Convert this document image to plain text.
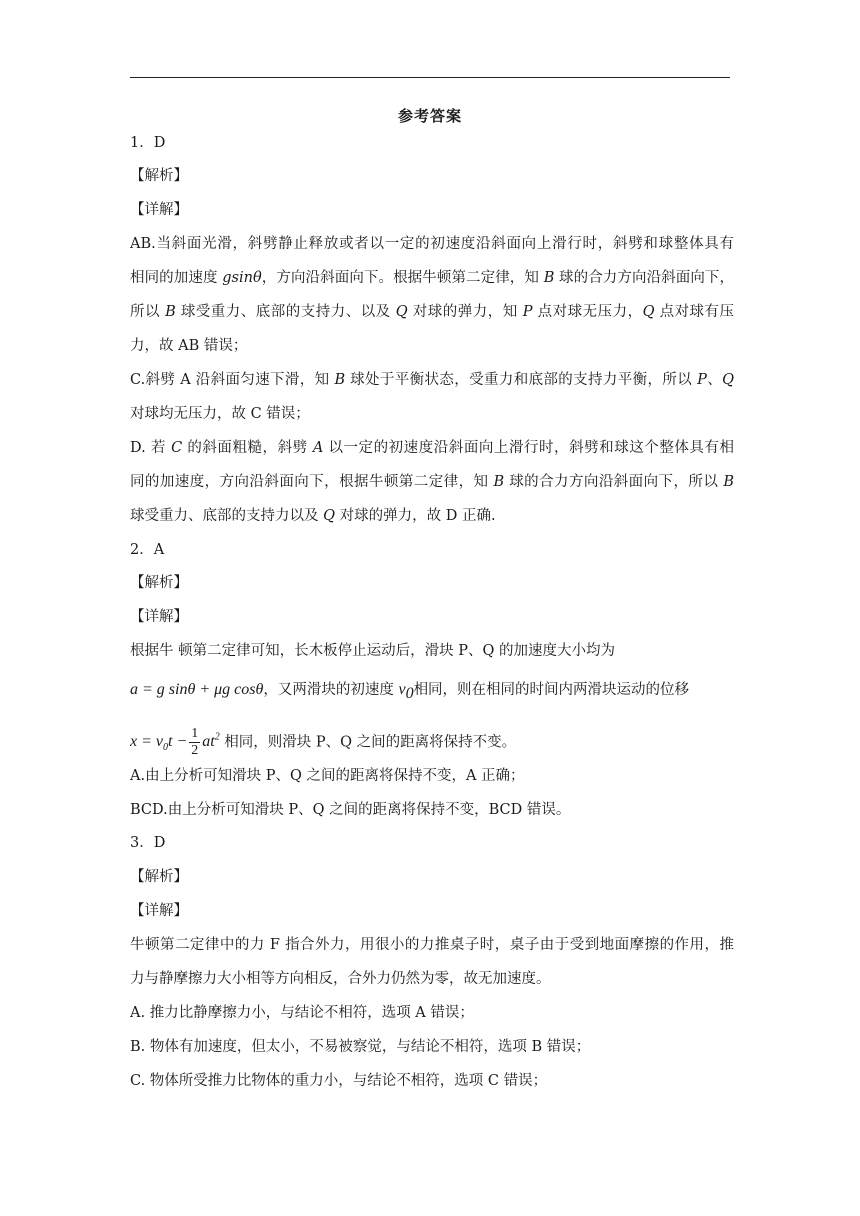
参考答案
1．D
【解析】
【详解】
AB.当斜面光滑，斜劈静止释放或者以一定的初速度沿斜面向上滑行时，斜劈和球整体具有
相同的加速度 gsinθ，方向沿斜面向下。根据牛顿第二定律，知 B 球的合力方向沿斜面向下，
所以 B 球受重力、底部的支持力、以及 Q 对球的弹力，知 P 点对球无压力，Q 点对球有压
力，故 AB 错误；
C.斜劈 A 沿斜面匀速下滑，知 B 球处于平衡状态，受重力和底部的支持力平衡，所以 P、Q
对球均无压力，故 C 错误；
D. 若 C 的斜面粗糙，斜劈 A 以一定的初速度沿斜面向上滑行时，斜劈和球这个整体具有相
同的加速度，方向沿斜面向下，根据牛顿第二定律，知 B 球的合力方向沿斜面向下，所以 B
球受重力、底部的支持力以及 Q 对球的弹力，故 D 正确.
2．A
【解析】
【详解】
根据牛 顿第二定律可知，长木板停止运动后，滑块 P、Q 的加速度大小均为
a = g sinθ + μg cosθ，又两滑块的初速度 $v_0$相同，则在相同的时间内两滑块运动的位移
$x = v_0t - \frac{1}{2} at^2$ 相同，则滑块 P、Q 之间的距离将保持不变。
A.由上分析可知滑块 P、Q 之间的距离将保持不变，A 正确；
BCD.由上分析可知滑块 P、Q 之间的距离将保持不变，BCD 错误。
3．D
【解析】
【详解】
牛顿第二定律中的力 F 指合外力，用很小的力推桌子时，桌子由于受到地面摩擦的作用，推
力与静摩擦力大小相等方向相反，合外力仍然为零，故无加速度。
A. 推力比静摩擦力小，与结论不相符，选项 A 错误；
B. 物体有加速度，但太小，不易被察觉，与结论不相符，选项 B 错误；
C. 物体所受推力比物体的重力小，与结论不相符，选项 C 错误；
